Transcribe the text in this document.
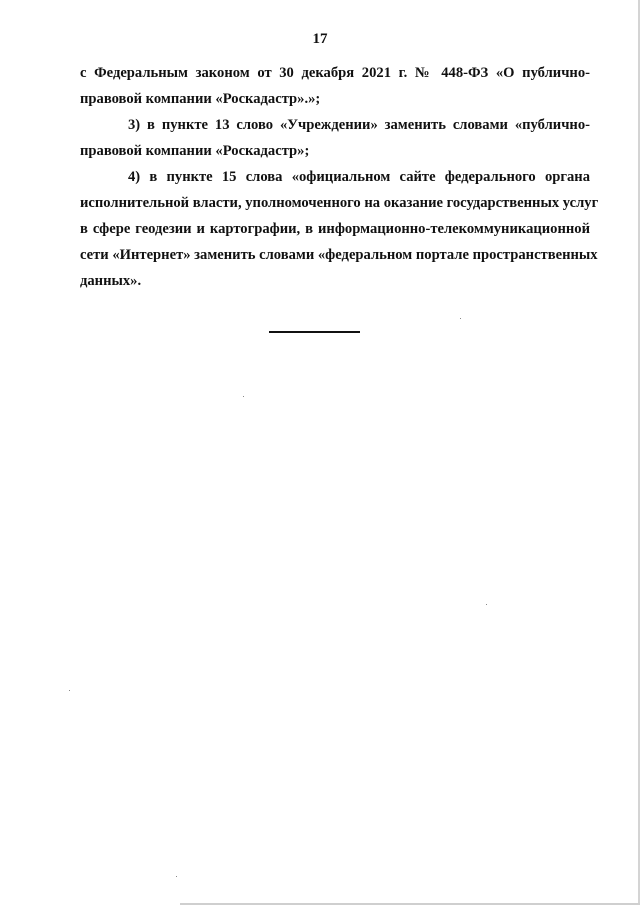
17
с Федеральным законом от 30 декабря 2021 г. № 448-ФЗ «О публично-
правовой компании «Роскадастр».»;
3) в пункте 13 слово «Учреждении» заменить словами «публично-
правовой компании «Роскадастр»;
4) в пункте 15 слова «официальном сайте федерального органа
исполнительной власти, уполномоченного на оказание государственных услуг
в сфере геодезии и картографии, в информационно-телекоммуникационной
сети «Интернет» заменить словами «федеральном портале пространственных
данных».
